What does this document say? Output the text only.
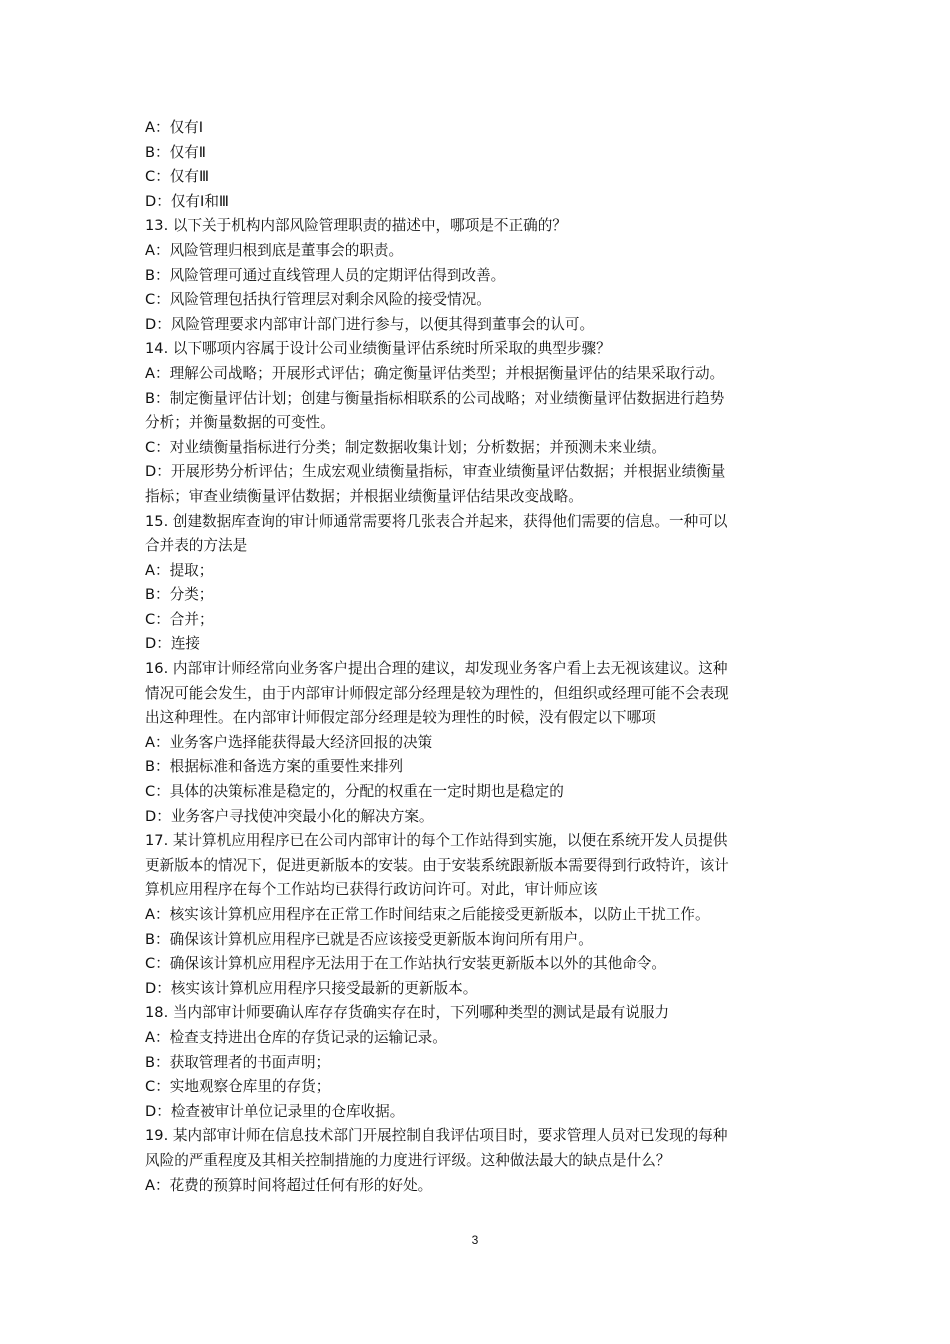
A：仅有Ⅰ
B：仅有Ⅱ
C：仅有Ⅲ
D：仅有Ⅰ和Ⅲ
13. 以下关于机构内部风险管理职责的描述中，哪项是不正确的？
A：风险管理归根到底是董事会的职责。
B：风险管理可通过直线管理人员的定期评估得到改善。
C：风险管理包括执行管理层对剩余风险的接受情况。
D：风险管理要求内部审计部门进行参与，以便其得到董事会的认可。
14. 以下哪项内容属于设计公司业绩衡量评估系统时所采取的典型步骤？
A：理解公司战略；开展形式评估；确定衡量评估类型；并根据衡量评估的结果采取行动。
B：制定衡量评估计划；创建与衡量指标相联系的公司战略；对业绩衡量评估数据进行趋势
分析；并衡量数据的可变性。
C：对业绩衡量指标进行分类；制定数据收集计划；分析数据；并预测未来业绩。
D：开展形势分析评估；生成宏观业绩衡量指标，审查业绩衡量评估数据；并根据业绩衡量
指标；审查业绩衡量评估数据；并根据业绩衡量评估结果改变战略。
15. 创建数据库查询的审计师通常需要将几张表合并起来，获得他们需要的信息。一种可以
合并表的方法是
A：提取；
B：分类；
C：合并；
D：连接
16. 内部审计师经常向业务客户提出合理的建议，却发现业务客户看上去无视该建议。这种
情况可能会发生，由于内部审计师假定部分经理是较为理性的，但组织或经理可能不会表现
出这种理性。在内部审计师假定部分经理是较为理性的时候，没有假定以下哪项
A：业务客户选择能获得最大经济回报的决策
B：根据标准和备选方案的重要性来排列
C：具体的决策标准是稳定的，分配的权重在一定时期也是稳定的
D：业务客户寻找使冲突最小化的解决方案。
17. 某计算机应用程序已在公司内部审计的每个工作站得到实施，以便在系统开发人员提供
更新版本的情况下，促进更新版本的安装。由于安装系统跟新版本需要得到行政特许，该计
算机应用程序在每个工作站均已获得行政访问许可。对此，审计师应该
A：核实该计算机应用程序在正常工作时间结束之后能接受更新版本，以防止干扰工作。
B：确保该计算机应用程序已就是否应该接受更新版本询问所有用户。
C：确保该计算机应用程序无法用于在工作站执行安装更新版本以外的其他命令。
D：核实该计算机应用程序只接受最新的更新版本。
18. 当内部审计师要确认库存存货确实存在时，下列哪种类型的测试是最有说服力
A：检查支持进出仓库的存货记录的运输记录。
B：获取管理者的书面声明；
C：实地观察仓库里的存货；
D：检查被审计单位记录里的仓库收据。
19. 某内部审计师在信息技术部门开展控制自我评估项目时，要求管理人员对已发现的每种
风险的严重程度及其相关控制措施的力度进行评级。这种做法最大的缺点是什么？
A：花费的预算时间将超过任何有形的好处。
3
